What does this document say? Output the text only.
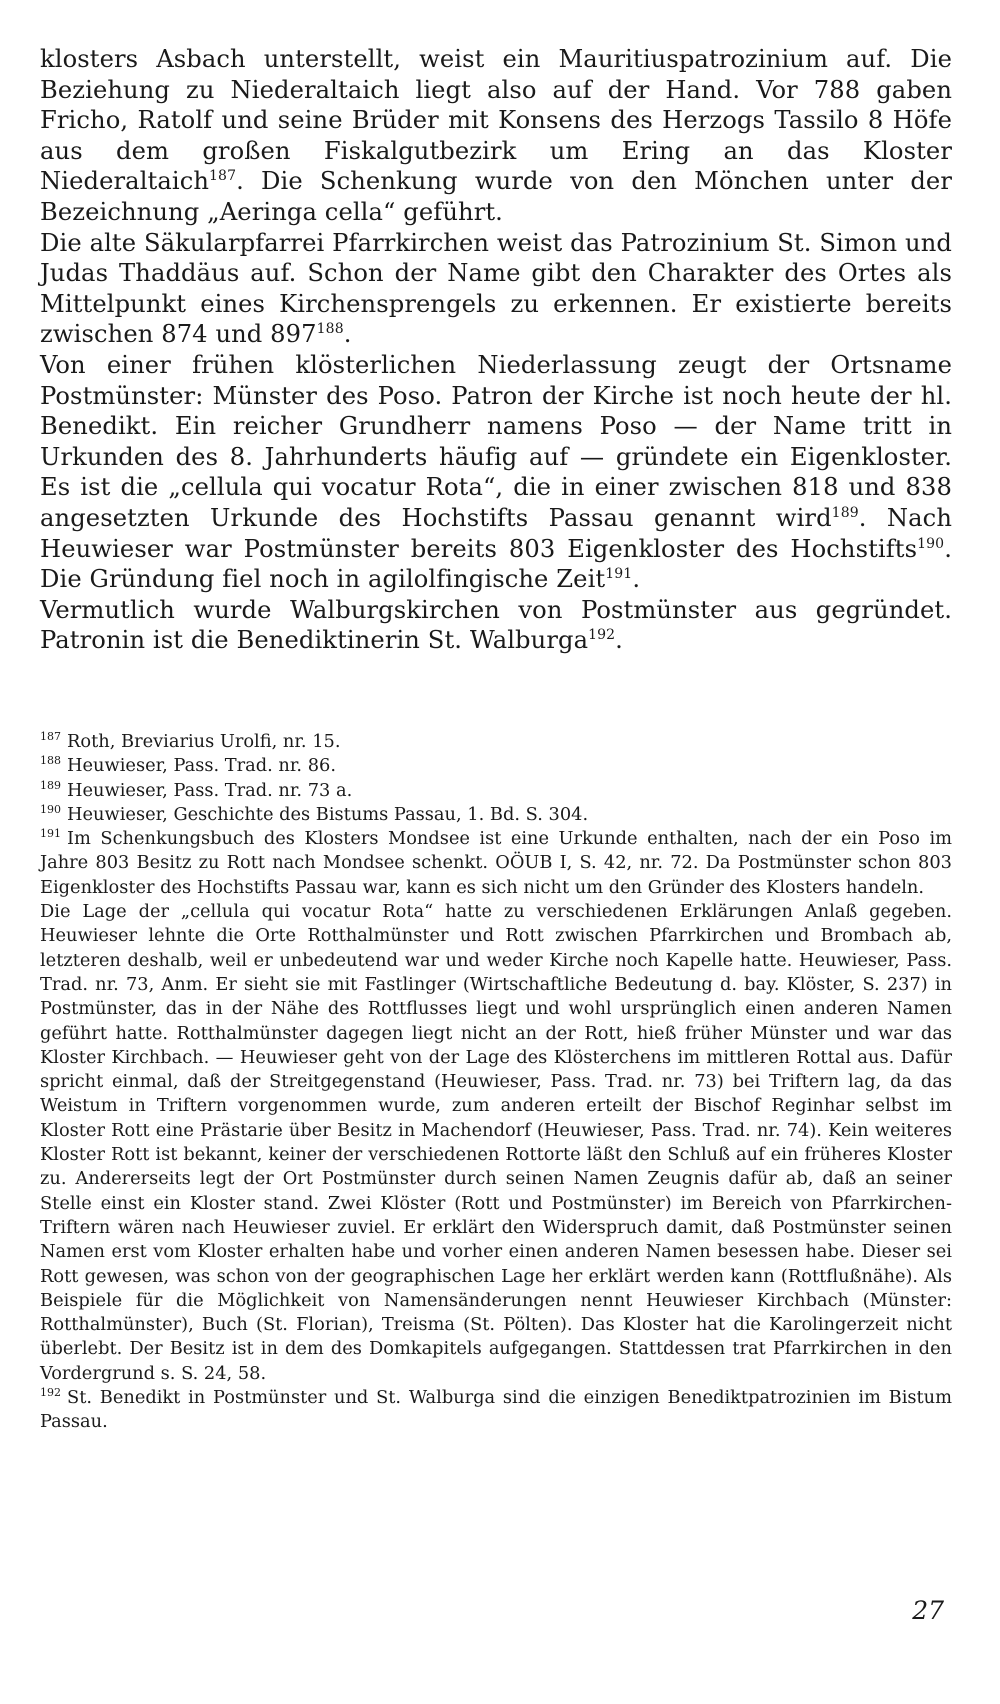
klosters Asbach unterstellt, weist ein Mauritiuspatrozinium auf. Die Beziehung zu Niederaltaich liegt also auf der Hand. Vor 788 gaben Fricho, Ratolf und seine Brüder mit Konsens des Herzogs Tassilo 8 Höfe aus dem großen Fiskalgutbezirk um Ering an das Kloster Niederaltaich$^{187}$. Die Schenkung wurde von den Mönchen unter der Bezeichnung „Aeringa cella“ geführt.

Die alte Säkularpfarrei Pfarrkirchen weist das Patrozinium St. Simon und Judas Thaddäus auf. Schon der Name gibt den Charakter des Ortes als Mittelpunkt eines Kirchensprengels zu erkennen. Er existierte bereits zwischen 874 und $897^{188}$.

Von einer frühen klösterlichen Niederlassung zeugt der Ortsname Postmünster: Münster des Poso. Patron der Kirche ist noch heute der hl. Benedikt. Ein reicher Grundherr namens Poso — der Name tritt in Urkunden des 8. Jahrhunderts häufig auf — gründete ein Eigenkloster. Es ist die „cellula qui vocatur Rota“, die in einer zwischen 818 und 838 angesetzten Urkunde des Hochstifts Passau genannt wird$^{189}$. Nach Heuwieser war Postmünster bereits 803 Eigenkloster des Hochstifts$^{190}$. Die Gründung fiel noch in agilolfingische Zeit$^{191}$.

Vermutlich wurde Walburgskirchen von Postmünster aus gegründet. Patronin ist die Benediktinerin St. Walburga$^{192}$.

$^{187}$ Roth, Breviarius Urolfi, nr. 15.

$^{188}$ Heuwieser, Pass. Trad. nr. 86.

$^{189}$ Heuwieser, Pass. Trad. nr. 73 a.

$^{190}$ Heuwieser, Geschichte des Bistums Passau, 1. Bd. S. 304.

$^{191}$ Im Schenkungsbuch des Klosters Mondsee ist eine Urkunde enthalten, nach der ein Poso im Jahre 803 Besitz zu Rott nach Mondsee schenkt. OÖUB I, S. 42, nr. 72. Da Postmünster schon 803 Eigenkloster des Hochstifts Passau war, kann es sich nicht um den Gründer des Klosters handeln.

Die Lage der „cellula qui vocatur Rota“ hatte zu verschiedenen Erklärungen Anlaß gegeben. Heuwieser lehnte die Orte Rotthalmünster und Rott zwischen Pfarrkirchen und Brombach ab, letzteren deshalb, weil er unbedeutend war und weder Kirche noch Kapelle hatte. Heuwieser, Pass. Trad. nr. 73, Anm. Er sieht sie mit Fastlinger (Wirtschaftliche Bedeutung d. bay. Klöster, S. 237) in Postmünster, das in der Nähe des Rottflusses liegt und wohl ursprünglich einen anderen Namen geführt hatte. Rotthalmünster dagegen liegt nicht an der Rott, hieß früher Münster und war das Kloster Kirchbach. — Heuwieser geht von der Lage des Klösterchens im mittleren Rottal aus. Dafür spricht einmal, daß der Streitgegenstand (Heuwieser, Pass. Trad. nr. 73) bei Triftern lag, da das Weistum in Triftern vorgenommen wurde, zum anderen erteilt der Bischof Reginhar selbst im Kloster Rott eine Prästarie über Besitz in Machendorf (Heuwieser, Pass. Trad. nr. 74). Kein weiteres Kloster Rott ist bekannt, keiner der verschiedenen Rottorte läßt den Schluß auf ein früheres Kloster zu. Andererseits legt der Ort Postmünster durch seinen Namen Zeugnis dafür ab, daß an seiner Stelle einst ein Kloster stand. Zwei Klöster (Rott und Postmünster) im Bereich von Pfarrkirchen-Triftern wären nach Heuwieser zuviel. Er erklärt den Widerspruch damit, daß Postmünster seinen Namen erst vom Kloster erhalten habe und vorher einen anderen Namen besessen habe. Dieser sei Rott gewesen, was schon von der geographischen Lage her erklärt werden kann (Rottflußnähe). Als Beispiele für die Möglichkeit von Namensänderungen nennt Heuwieser Kirchbach (Münster: Rotthalmünster), Buch (St. Florian), Treisma (St. Pölten). Das Kloster hat die Karolingerzeit nicht überlebt. Der Besitz ist in dem des Domkapitels aufgegangen. Stattdessen trat Pfarrkirchen in den Vordergrund s. S. 24, 58.

$^{192}$ St. Benedikt in Postmünster und St. Walburga sind die einzigen Benediktpatrozinien im Bistum Passau.

27
